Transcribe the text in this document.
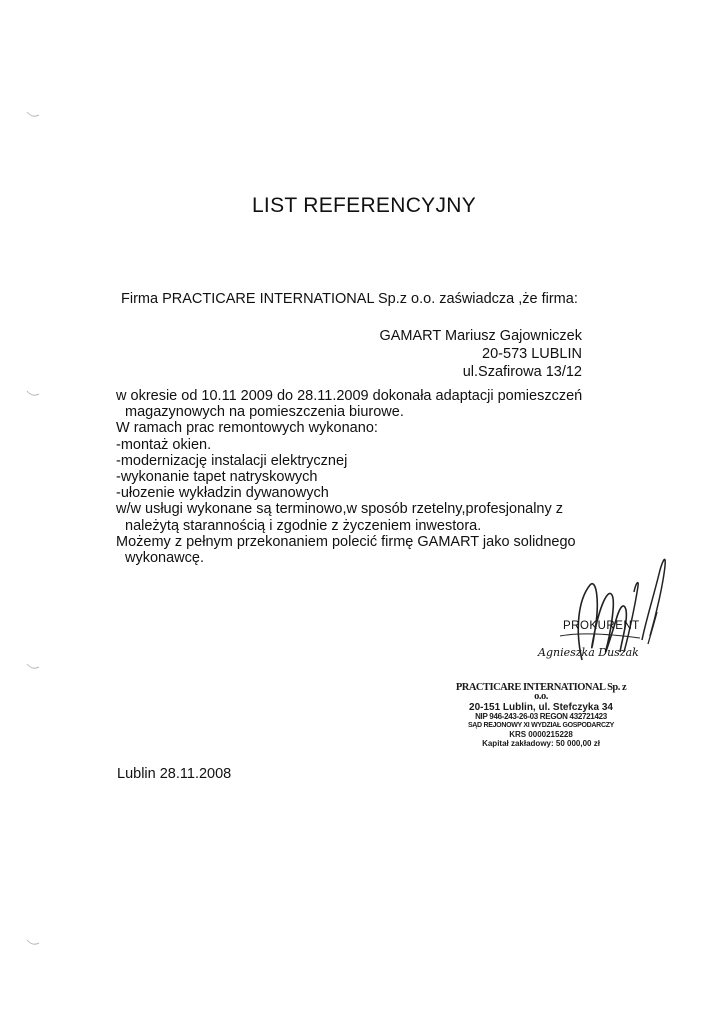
LIST REFERENCYJNY
Firma PRACTICARE INTERNATIONAL Sp.z o.o. zaświadcza ,że firma:
GAMART Mariusz Gajowniczek
20-573 LUBLIN
ul.Szafirowa 13/12
w okresie od 10.11 2009 do 28.11.2009 dokonała adaptacji pomieszczeń
magazynowych na pomieszczenia biurowe.
W ramach prac remontowych wykonano:
-montaż okien.
-modernizację instalacji elektrycznej
-wykonanie tapet natryskowych
-ułozenie wykładzin dywanowych
w/w usługi wykonane są terminowo,w sposób rzetelny,profesjonalny z
należytą starannością i zgodnie z życzeniem inwestora.
Możemy z pełnym przekonaniem polecić firmę GAMART jako solidnego
wykonawcę.
PROKURENT
Agnieszka Duszak
PRACTICARE INTERNATIONAL Sp. z o.o.
20-151 Lublin, ul. Stefczyka 34
NIP 946-243-26-03 REGON 432721423
SĄD REJONOWY XI WYDZIAŁ GOSPODARCZY
KRS 0000215228
Kapitał zakładowy: 50 000,00 zł
Lublin 28.11.2008
